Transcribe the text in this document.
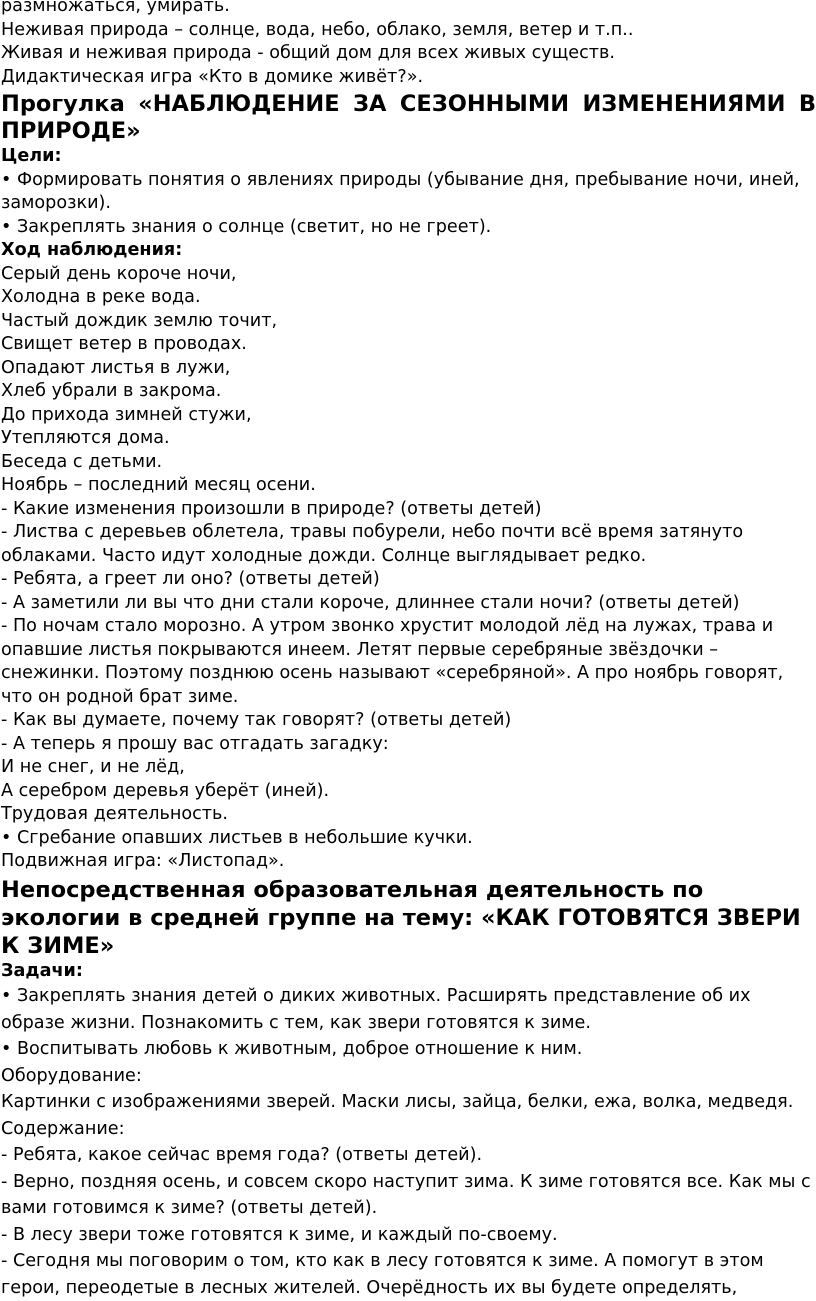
размножаться, умирать.
Неживая природа – солнце, вода, небо, облако, земля, ветер и т.п..
Живая и неживая природа - общий дом для всех живых существ.
Дидактическая игра «Кто в домике живёт?».
Прогулка «НАБЛЮДЕНИЕ ЗА СЕЗОННЫМИ ИЗМЕНЕНИЯМИ В ПРИРОДЕ»
Цели:
• Формировать понятия о явлениях природы (убывание дня, пребывание ночи, иней, заморозки).
• Закреплять знания о солнце (светит, но не греет).
Ход наблюдения:
Серый день короче ночи,
Холодна в реке вода.
Частый дождик землю точит,
Свищет ветер в проводах.
Опадают листья в лужи,
Хлеб убрали в закрома.
До прихода зимней стужи,
Утепляются дома.
Беседа с детьми.
Ноябрь – последний месяц осени.
- Какие изменения произошли в природе? (ответы детей)
- Листва с деревьев облетела, травы побурели, небо почти всё время затянуто облаками. Часто идут холодные дожди. Солнце выглядывает редко.
- Ребята, а греет ли оно? (ответы детей)
- А заметили ли вы что дни стали короче, длиннее стали ночи? (ответы детей)
- По ночам стало морозно. А утром звонко хрустит молодой лёд на лужах, трава и опавшие листья покрываются инеем. Летят первые серебряные звёздочки – снежинки. Поэтому позднюю осень называют «серебряной». А про ноябрь говорят, что он родной брат зиме.
- Как вы думаете, почему так говорят? (ответы детей)
- А теперь я прошу вас отгадать загадку:
И не снег, и не лёд,
А серебром деревья уберёт (иней).
Трудовая деятельность.
• Сгребание опавших листьев в небольшие кучки.
Подвижная игра: «Листопад».
Непосредственная образовательная деятельность по экологии в средней группе на тему: «КАК ГОТОВЯТСЯ ЗВЕРИ К ЗИМЕ»
Задачи:
• Закреплять знания детей о диких животных. Расширять представление об их образе жизни. Познакомить с тем, как звери готовятся к зиме.
• Воспитывать любовь к животным, доброе отношение к ним.
Оборудование:
Картинки с изображениями зверей. Маски лисы, зайца, белки, ежа, волка, медведя.
Содержание:
- Ребята, какое сейчас время года? (ответы детей).
- Верно, поздняя осень, и совсем скоро наступит зима. К зиме готовятся все. Как мы с вами готовимся к зиме? (ответы детей).
- В лесу звери тоже готовятся к зиме, и каждый по-своему.
- Сегодня мы поговорим о том, кто как в лесу готовятся к зиме. А помогут в этом герои, переодетые в лесных жителей. Очерёдность их вы будете определять,
